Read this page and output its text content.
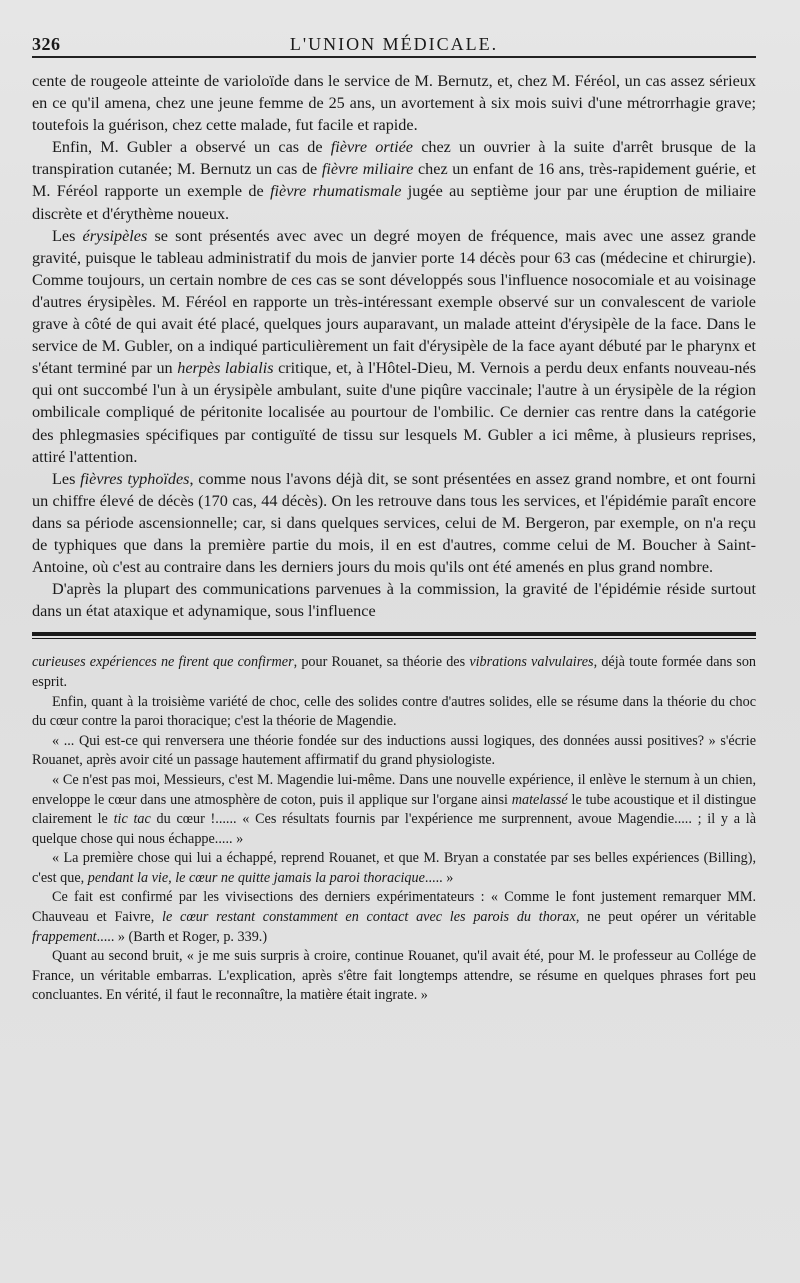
326	L'UNION MÉDICALE.

cente de rougeole atteinte de varioloïde dans le service de M. Bernutz, et, chez M. Féréol, un cas assez sérieux en ce qu'il amena, chez une jeune femme de 25 ans, un avortement à six mois suivi d'une métrorrhagie grave; toutefois la guérison, chez cette malade, fut facile et rapide.

Enfin, M. Gubler a observé un cas de fièvre ortiée chez un ouvrier à la suite d'arrêt brusque de la transpiration cutanée; M. Bernutz un cas de fièvre miliaire chez un enfant de 16 ans, très-rapidement guérie, et M. Féréol rapporte un exemple de fièvre rhumatismale jugée au septième jour par une éruption de miliaire discrète et d'érythème noueux.

Les érysipèles se sont présentés avec avec un degré moyen de fréquence, mais avec une assez grande gravité, puisque le tableau administratif du mois de janvier porte 14 décès pour 63 cas (médecine et chirurgie). Comme toujours, un certain nombre de ces cas se sont développés sous l'influence nosocomiale et au voisinage d'autres érysipèles. M. Féréol en rapporte un très-intéressant exemple observé sur un convalescent de variole grave à côté de qui avait été placé, quelques jours auparavant, un malade atteint d'érysipèle de la face. Dans le service de M. Gubler, on a indiqué particulièrement un fait d'érysipèle de la face ayant débuté par le pharynx et s'étant terminé par un herpès labialis critique, et, à l'Hôtel-Dieu, M. Vernois a perdu deux enfants nouveau-nés qui ont succombé l'un à un érysipèle ambulant, suite d'une piqûre vaccinale; l'autre à un érysipèle de la région ombilicale compliqué de péritonite localisée au pourtour de l'ombilic. Ce dernier cas rentre dans la catégorie des phlegmasies spécifiques par contiguïté de tissu sur lesquels M. Gubler a ici même, à plusieurs reprises, attiré l'attention.

Les fièvres typhoïdes, comme nous l'avons déjà dit, se sont présentées en assez grand nombre, et ont fourni un chiffre élevé de décès (170 cas, 44 décès). On les retrouve dans tous les services, et l'épidémie paraît encore dans sa période ascensionnelle; car, si dans quelques services, celui de M. Bergeron, par exemple, on n'a reçu de typhiques que dans la première partie du mois, il en est d'autres, comme celui de M. Boucher à Saint-Antoine, où c'est au contraire dans les derniers jours du mois qu'ils ont été amenés en plus grand nombre.

D'après la plupart des communications parvenues à la commission, la gravité de l'épidémie réside surtout dans un état ataxique et adynamique, sous l'influence

curieuses expériences ne firent que confirmer, pour Rouanet, sa théorie des vibrations valvulaires, déjà toute formée dans son esprit.

Enfin, quant à la troisième variété de choc, celle des solides contre d'autres solides, elle se résume dans la théorie du choc du cœur contre la paroi thoracique; c'est la théorie de Magendie.

« ... Qui est-ce qui renversera une théorie fondée sur des inductions aussi logiques, des données aussi positives? » s'écrie Rouanet, après avoir cité un passage hautement affirmatif du grand physiologiste.

« Ce n'est pas moi, Messieurs, c'est M. Magendie lui-même. Dans une nouvelle expérience, il enlève le sternum à un chien, enveloppe le cœur dans une atmosphère de coton, puis il applique sur l'organe ainsi matelassé le tube acoustique et il distingue clairement le tic tac du cœur !...... « Ces résultats fournis par l'expérience me surprennent, avoue Magendie..... ; il y a là quelque chose qui nous échappe..... »

« La première chose qui lui a échappé, reprend Rouanet, et que M. Bryan a constatée par ses belles expériences (Billing), c'est que, pendant la vie, le cœur ne quitte jamais la paroi thoracique..... »

Ce fait est confirmé par les vivisections des derniers expérimentateurs : « Comme le font justement remarquer MM. Chauveau et Faivre, le cœur restant constamment en contact avec les parois du thorax, ne peut opérer un véritable frappement..... » (Barth et Roger, p. 339.)

Quant au second bruit, « je me suis surpris à croire, continue Rouanet, qu'il avait été, pour M. le professeur au Collége de France, un véritable embarras. L'explication, après s'être fait longtemps attendre, se résume en quelques phrases fort peu concluantes. En vérité, il faut le reconnaître, la matière était ingrate. »
